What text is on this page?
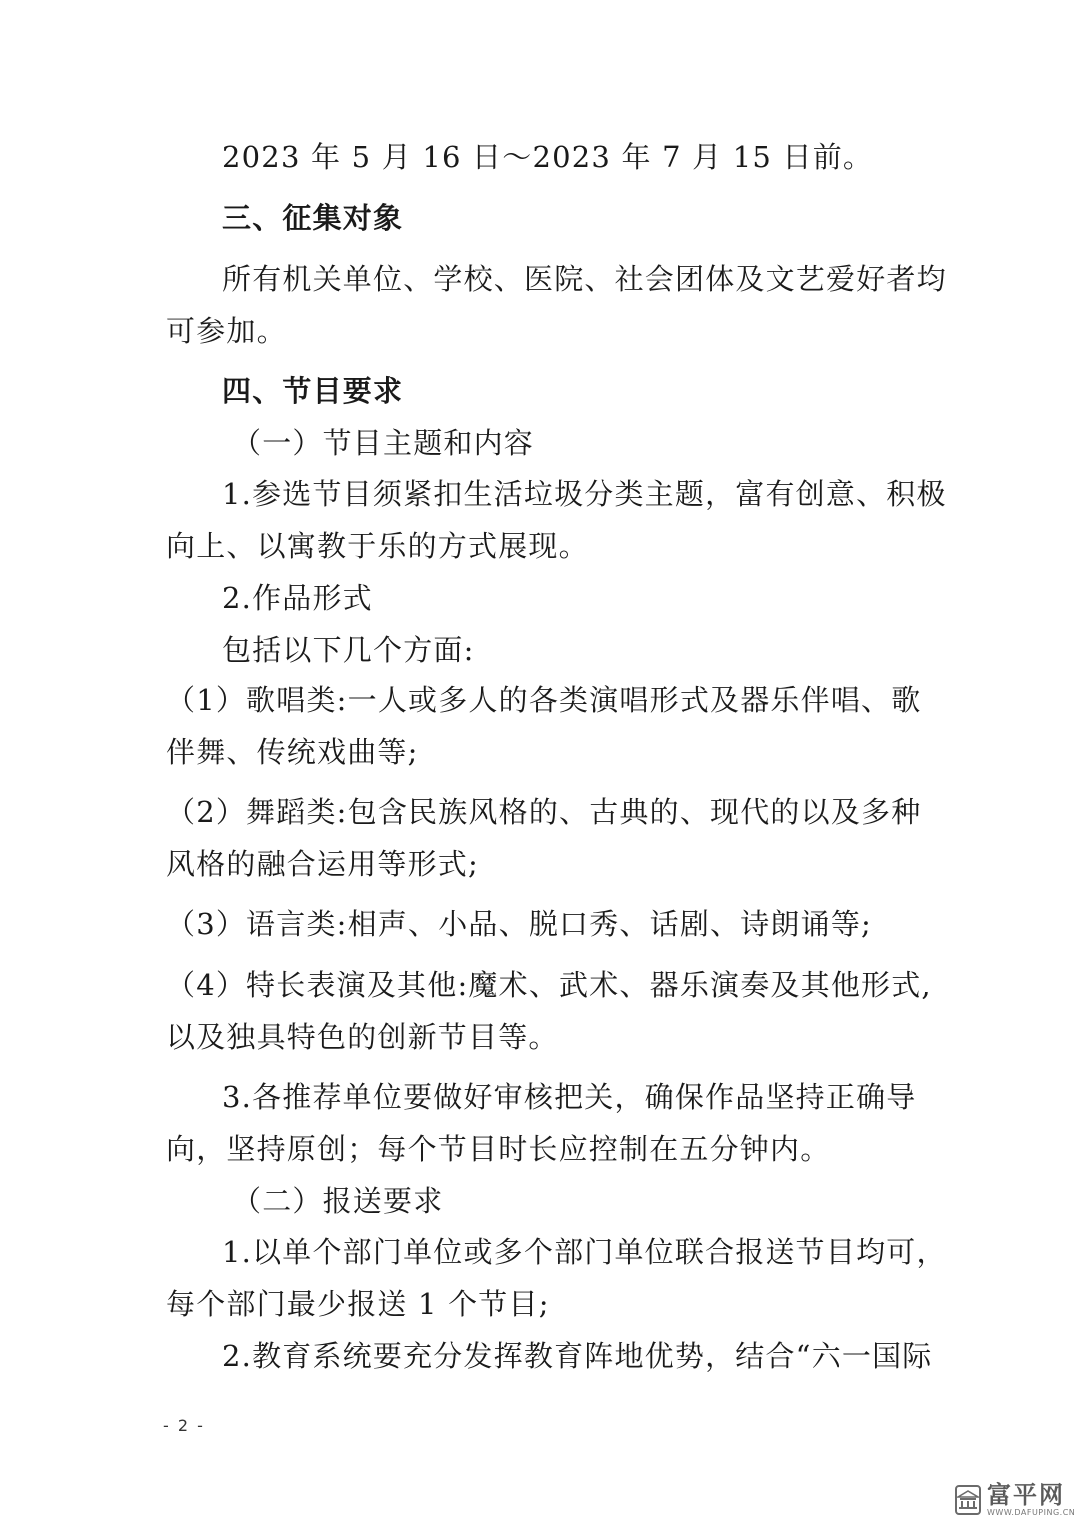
2023 年 5 月 16 日～2023 年 7 月 15 日前。
三、征集对象
所有机关单位、学校、医院、社会团体及文艺爱好者均
可参加。
四、节目要求
（一）节目主题和内容
1.参选节目须紧扣生活垃圾分类主题，富有创意、积极
向上、以寓教于乐的方式展现。
2.作品形式
包括以下几个方面:
（1）歌唱类:一人或多人的各类演唱形式及器乐伴唱、歌
伴舞、传统戏曲等;
（2）舞蹈类:包含民族风格的、古典的、现代的以及多种
风格的融合运用等形式;
（3）语言类:相声、小品、脱口秀、话剧、诗朗诵等;
（4）特长表演及其他:魔术、武术、器乐演奏及其他形式,
以及独具特色的创新节目等。
3.各推荐单位要做好审核把关，确保作品坚持正确导
向，坚持原创；每个节目时长应控制在五分钟内。
（二）报送要求
1.以单个部门单位或多个部门单位联合报送节目均可，
每个部门最少报送 1 个节目;
2.教育系统要充分发挥教育阵地优势，结合“六一国际
- 2 -
富平网
WWW.DAFUPING.CN
